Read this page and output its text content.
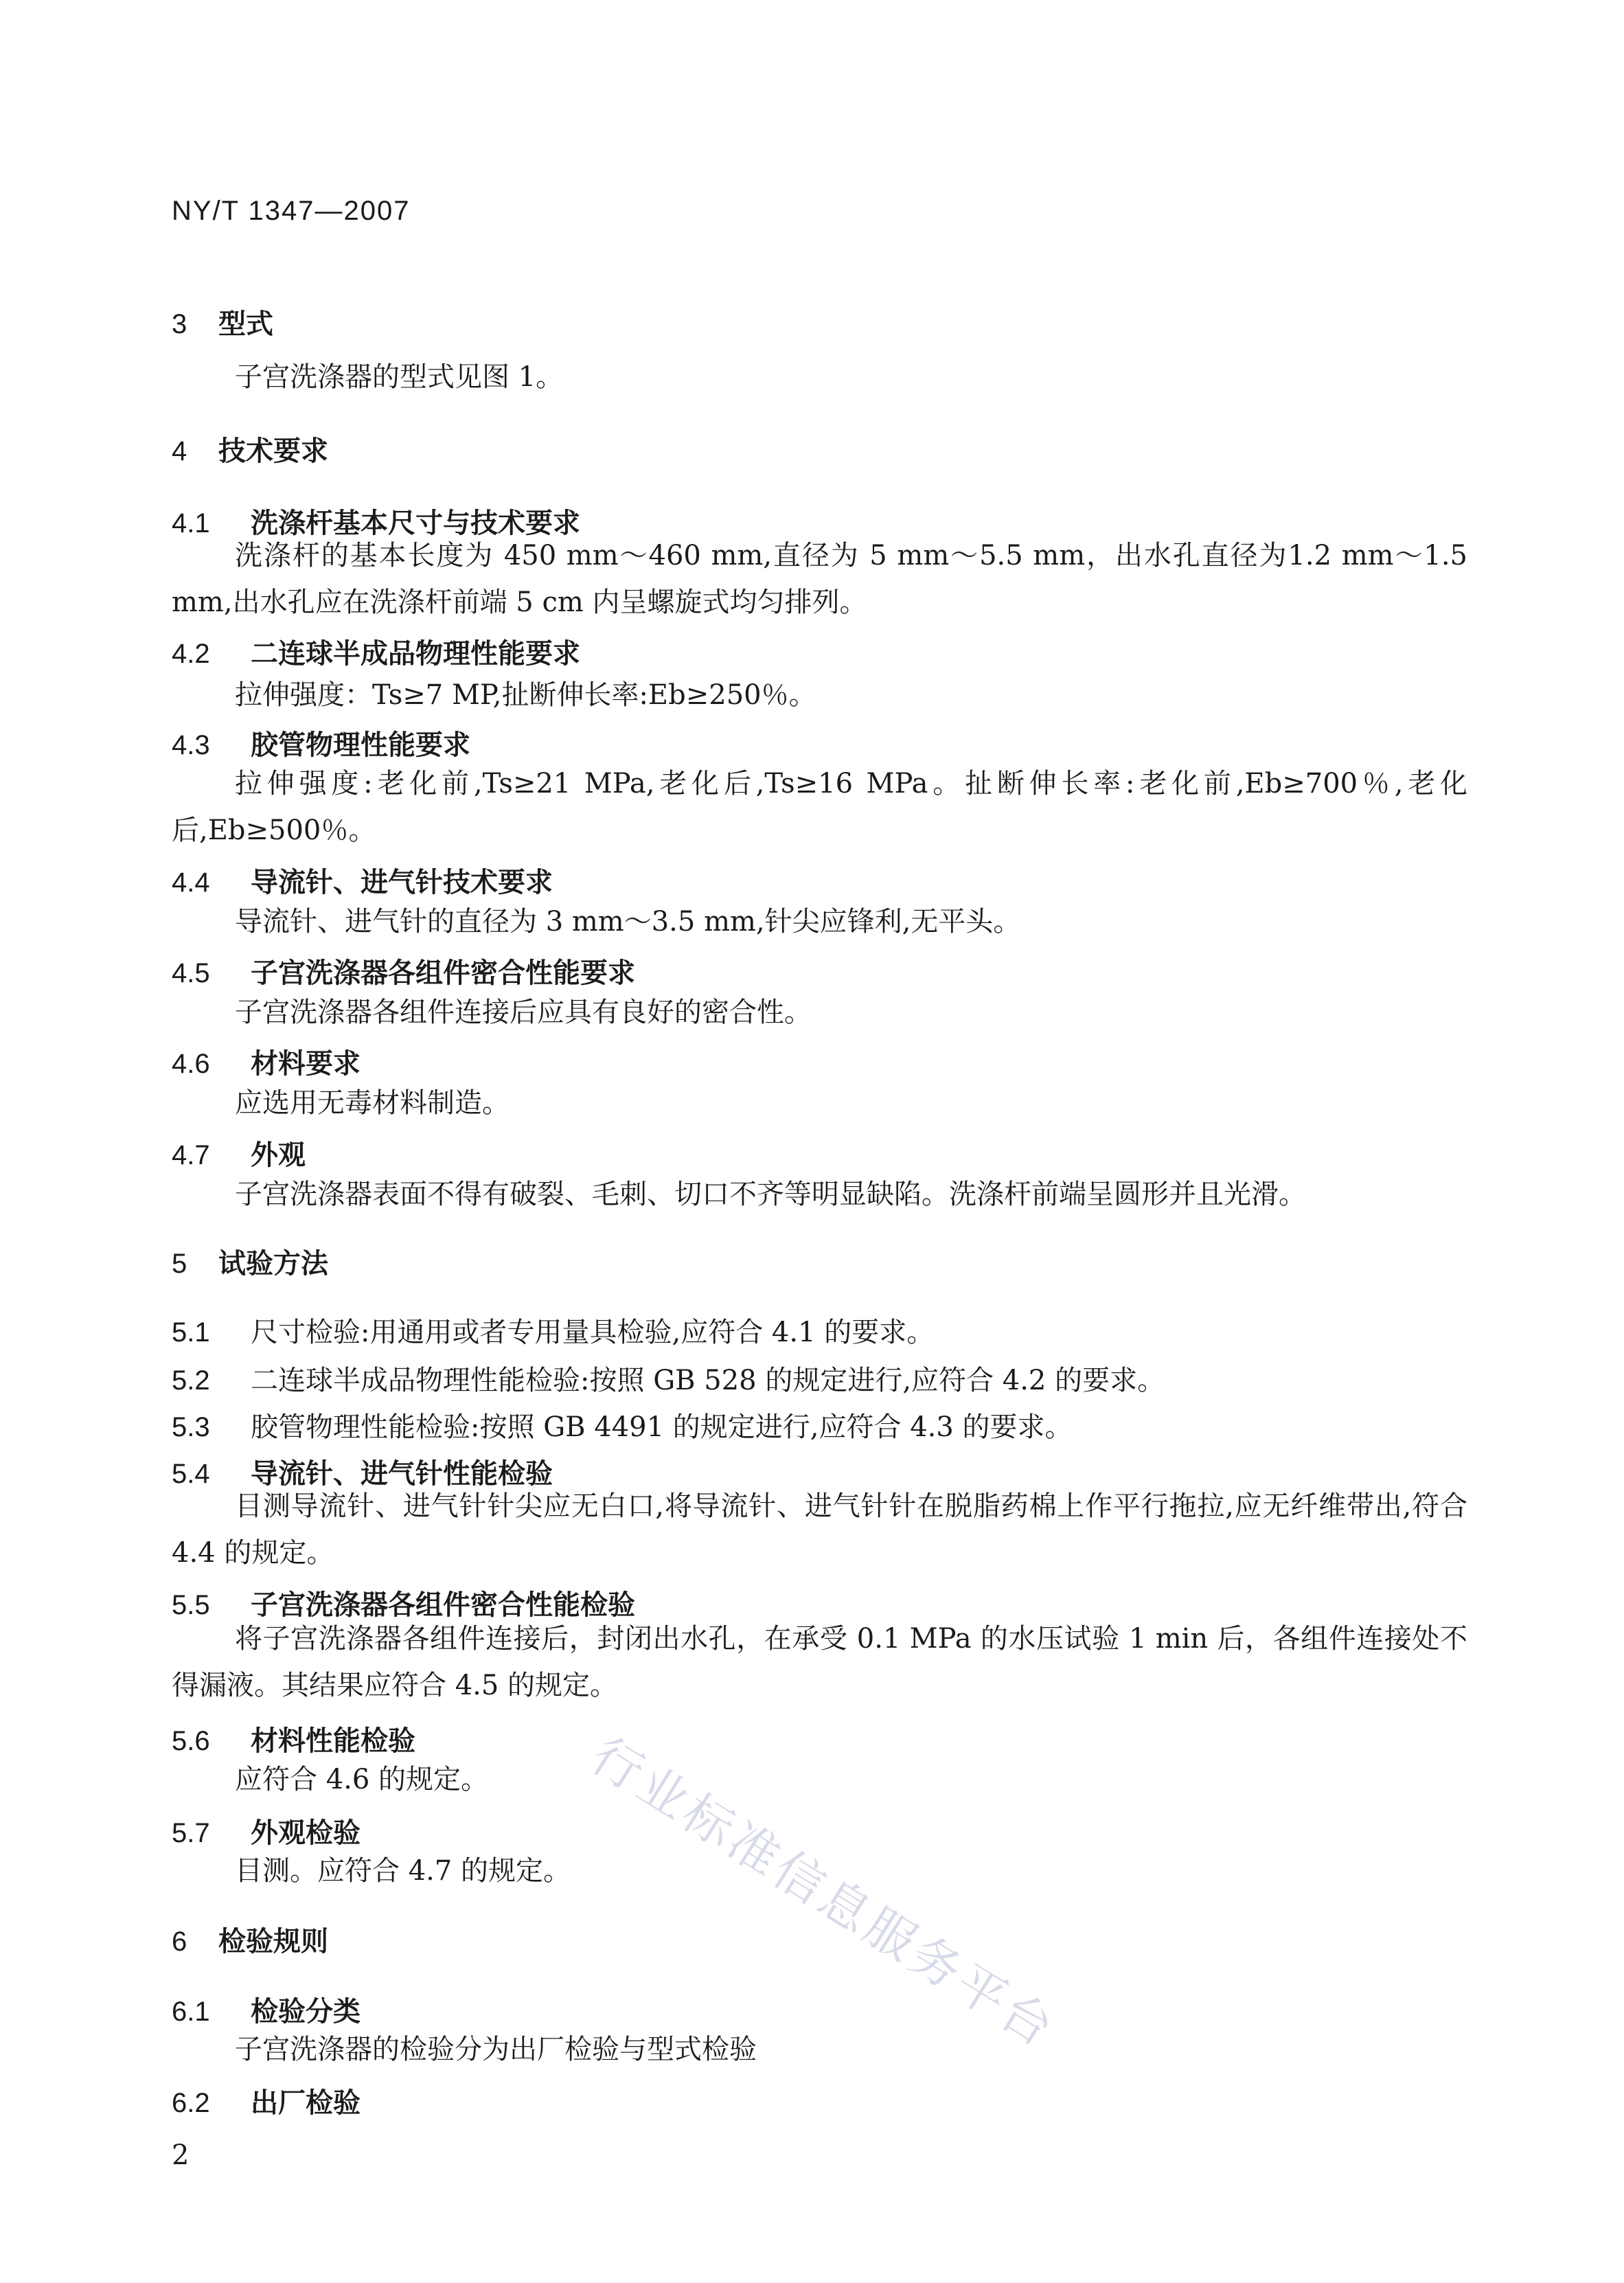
NY/T 1347—2007
3 型式
子宫洗涤器的型式见图 1。
4 技术要求
4.1 洗涤杆基本尺寸与技术要求
洗涤杆的基本长度为 450 mm～460 mm,直径为 5 mm～5.5 mm，出水孔直径为1.2 mm～1.5 mm,出水孔应在洗涤杆前端 5 cm 内呈螺旋式均匀排列。
4.2 二连球半成品物理性能要求
拉伸强度：Ts≥7 MP,扯断伸长率:Eb≥250％。
4.3 胶管物理性能要求
拉伸强度:老化前,Ts≥21 MPa,老化后,Ts≥16 MPa。扯断伸长率:老化前,Eb≥700％,老化后,Eb≥500％。
4.4 导流针、进气针技术要求
导流针、进气针的直径为 3 mm～3.5 mm,针尖应锋利,无平头。
4.5 子宫洗涤器各组件密合性能要求
子宫洗涤器各组件连接后应具有良好的密合性。
4.6 材料要求
应选用无毒材料制造。
4.7 外观
子宫洗涤器表面不得有破裂、毛刺、切口不齐等明显缺陷。洗涤杆前端呈圆形并且光滑。
5 试验方法
5.1 尺寸检验:用通用或者专用量具检验,应符合 4.1 的要求。
5.2 二连球半成品物理性能检验:按照 GB 528 的规定进行,应符合 4.2 的要求。
5.3 胶管物理性能检验:按照 GB 4491 的规定进行,应符合 4.3 的要求。
5.4 导流针、进气针性能检验
目测导流针、进气针针尖应无白口,将导流针、进气针针在脱脂药棉上作平行拖拉,应无纤维带出,符合 4.4 的规定。
5.5 子宫洗涤器各组件密合性能检验
将子宫洗涤器各组件连接后，封闭出水孔，在承受 0.1 MPa 的水压试验 1 min 后，各组件连接处不得漏液。其结果应符合 4.5 的规定。
5.6 材料性能检验
应符合 4.6 的规定。
5.7 外观检验
目测。应符合 4.7 的规定。
6 检验规则
6.1 检验分类
子宫洗涤器的检验分为出厂检验与型式检验
6.2 出厂检验
2
行业标准信息服务平台
